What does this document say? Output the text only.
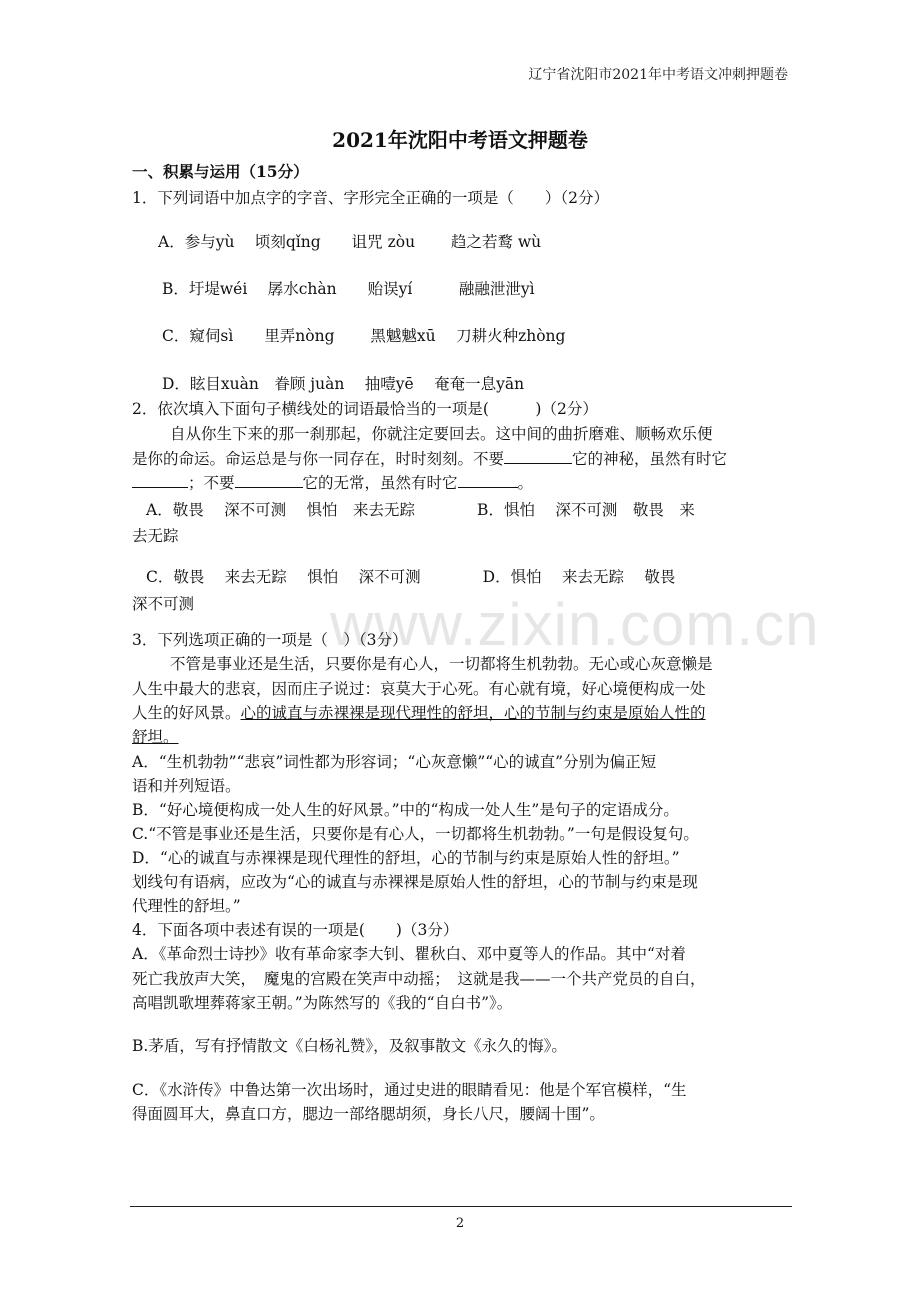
辽宁省沈阳市2021年中考语文冲刺押题卷
2021年沈阳中考语文押题卷
www.zixin.com.cn
一、积累与运用（15分）
1．下列词语中加点字的字音、字形完全正确的一项是（　　）（2分）
A．参与yù　 顷刻qǐng　　诅咒 zòu　　 趋之若鹜 wù
B．圩堤wéi　 孱水chàn　　贻误yí　　　融融泄泄yì
C．窥伺sì　　里弄nòng　　 黑魆魆xū　 刀耕火种zhòng
D．眩目xuàn　眷顾 juàn　 抽噎yē　 奄奄一息yān
2．依次填入下面句子横线处的词语最恰当的一项是(　　　)（2分）
自从你生下来的那一刹那起，你就注定要回去。这中间的曲折磨难、顺畅欢乐便
是你的命运。命运总是与你一同存在，时时刻刻。不要	它的神秘，虽然有时它
；不要	它的无常，虽然有时它	。
A．敬畏　 深不可测　 惧怕　来去无踪　　　　B．惧怕　 深不可测　敬畏　来
去无踪
C．敬畏　 来去无踪　 惧怕　 深不可测　　　　D．惧怕　 来去无踪　 敬畏
深不可测
3．下列选项正确的一项是（　）（3分）
不管是事业还是生活，只要你是有心人，一切都将生机勃勃。无心或心灰意懒是
人生中最大的悲哀，因而庄子说过：哀莫大于心死。有心就有境，好心境便构成一处
人生的好风景。心的诚直与赤裸裸是现代理性的舒坦，心的节制与约束是原始人性的
舒坦。
A．“生机勃勃”“悲哀”词性都为形容词；“心灰意懒”“心的诚直”分别为偏正短
语和并列短语。
B．“好心境便构成一处人生的好风景。”中的“构成一处人生”是句子的定语成分。
C.“不管是事业还是生活，只要你是有心人，一切都将生机勃勃。”一句是假设复句。
D．“心的诚直与赤裸裸是现代理性的舒坦，心的节制与约束是原始人性的舒坦。”
划线句有语病，应改为“心的诚直与赤裸裸是原始人性的舒坦，心的节制与约束是现
代理性的舒坦。”
4．下面各项中表述有误的一项是(　　)（3分）
A．《革命烈士诗抄》收有革命家李大钊、瞿秋白、邓中夏等人的作品。其中“对着
死亡我放声大笑，　魔鬼的宫殿在笑声中动摇；　这就是我——一个共产党员的自白，
高唱凯歌埋葬蒋家王朝。”为陈然写的《我的“自白书”》。
B.茅盾，写有抒情散文《白杨礼赞》，及叙事散文《永久的悔》。
C．《水浒传》中鲁达第一次出场时，通过史进的眼睛看见：他是个军官模样，“生
得面圆耳大，鼻直口方，腮边一部络腮胡须，身长八尺，腰阔十围”。
2
